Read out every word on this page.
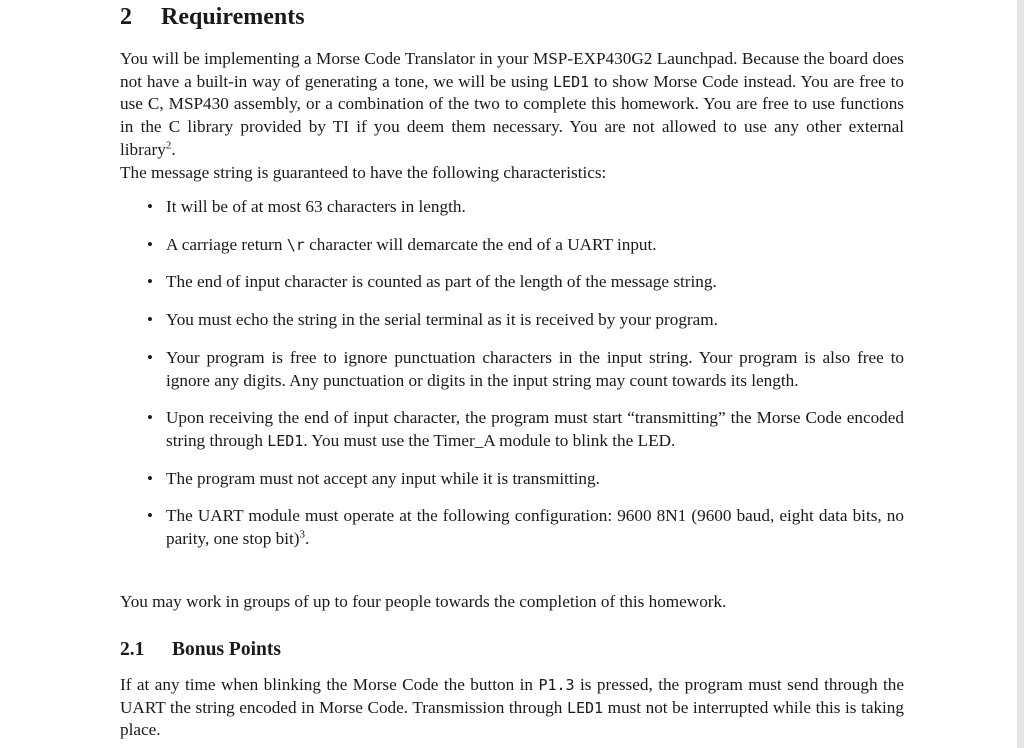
2 Requirements
You will be implementing a Morse Code Translator in your MSP-EXP430G2 Launchpad. Because the board does not have a built-in way of generating a tone, we will be using LED1 to show Morse Code instead. You are free to use C, MSP430 assembly, or a combination of the two to complete this homework. You are free to use functions in the C library provided by TI if you deem them necessary. You are not allowed to use any other external library$^2$.
The message string is guaranteed to have the following characteristics:
• It will be of at most 63 characters in length.
• A carriage return \r character will demarcate the end of a UART input.
• The end of input character is counted as part of the length of the message string.
• You must echo the string in the serial terminal as it is received by your program.
• Your program is free to ignore punctuation characters in the input string. Your program is also free to ignore any digits. Any punctuation or digits in the input string may count towards its length.
• Upon receiving the end of input character, the program must start “transmitting” the Morse Code encoded string through LED1. You must use the Timer_A module to blink the LED.
• The program must not accept any input while it is transmitting.
• The UART module must operate at the following configuration: 9600 8N1 (9600 baud, eight data bits, no parity, one stop bit)$^3$.
You may work in groups of up to four people towards the completion of this homework.
2.1 Bonus Points
If at any time when blinking the Morse Code the button in P1.3 is pressed, the program must send through the UART the string encoded in Morse Code. Transmission through LED1 must not be interrupted while this is taking place.
